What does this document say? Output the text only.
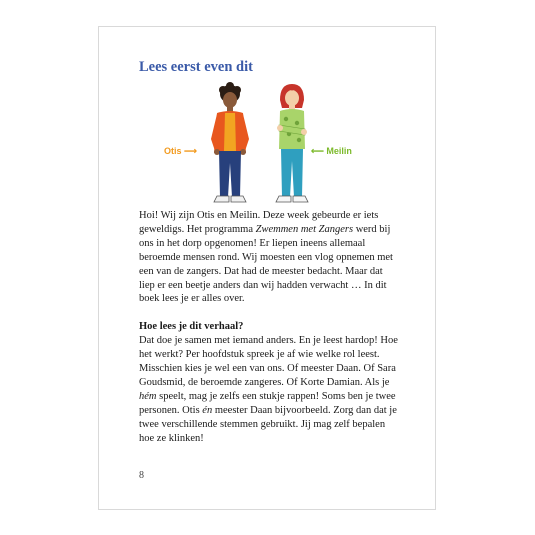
Lees eerst even dit
Otis ⟶	⟵ Meilin

Hoi! Wij zijn Otis en Meilin. Deze week gebeurde er iets geweldigs. Het programma Zwemmen met Zangers werd bij ons in het dorp opgenomen! Er liepen ineens allemaal beroemde mensen rond. Wij moesten een vlog opnemen met een van de zangers. Dat had de meester bedacht. Maar dat liep er een beetje anders dan wij hadden verwacht … In dit boek lees je er alles over.

Hoe lees je dit verhaal?

Dat doe je samen met iemand anders. En je leest hardop! Hoe het werkt? Per hoofdstuk spreek je af wie welke rol leest. Misschien kies je wel een van ons. Of meester Daan. Of Sara Goudsmid, de beroemde zangeres. Of Korte Damian. Als je hém speelt, mag je zelfs een stukje rappen! Soms ben je twee personen. Otis én meester Daan bijvoorbeeld. Zorg dan dat je twee verschillende stemmen gebruikt. Jij mag zelf bepalen hoe ze klinken!

8
